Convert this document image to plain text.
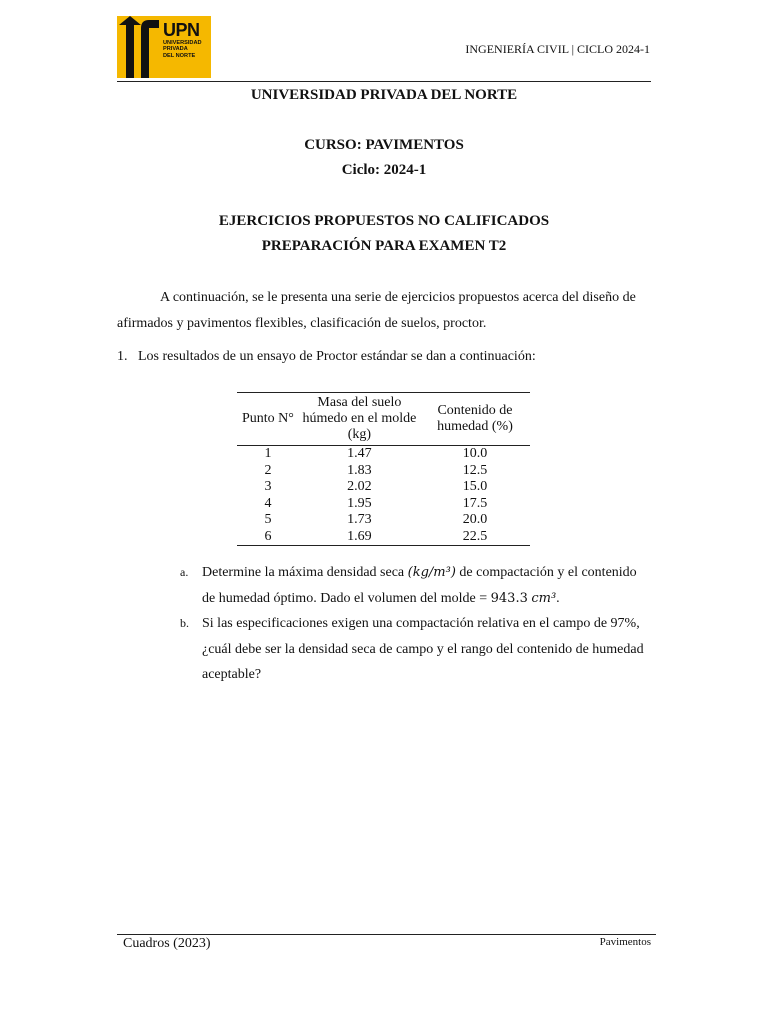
UPN
UNIVERSIDAD
PRIVADA
DEL NORTE	INGENIERÍA CIVIL | CICLO 2024-1
UNIVERSIDAD PRIVADA DEL NORTE
CURSO: PAVIMENTOS
Ciclo: 2024-1
EJERCICIOS PROPUESTOS NO CALIFICADOS
PREPARACIÓN PARA EXAMEN T2
A continuación, se le presenta una serie de ejercicios propuestos acerca del diseño de afirmados y pavimentos flexibles, clasificación de suelos, proctor.
1. Los resultados de un ensayo de Proctor estándar se dan a continuación:
Punto N°	Masa del suelo húmedo en el molde (kg)	Contenido de humedad (%)
1	1.47	10.0
2	1.83	12.5
3	2.02	15.0
4	1.95	17.5
5	1.73	20.0
6	1.69	22.5
a. Determine la máxima densidad seca (kg/m³) de compactación y el contenido de humedad óptimo. Dado el volumen del molde = 943.3 cm³.
b. Si las especificaciones exigen una compactación relativa en el campo de 97%, ¿cuál debe ser la densidad seca de campo y el rango del contenido de humedad aceptable?
Cuadros (2023)	Pavimentos
